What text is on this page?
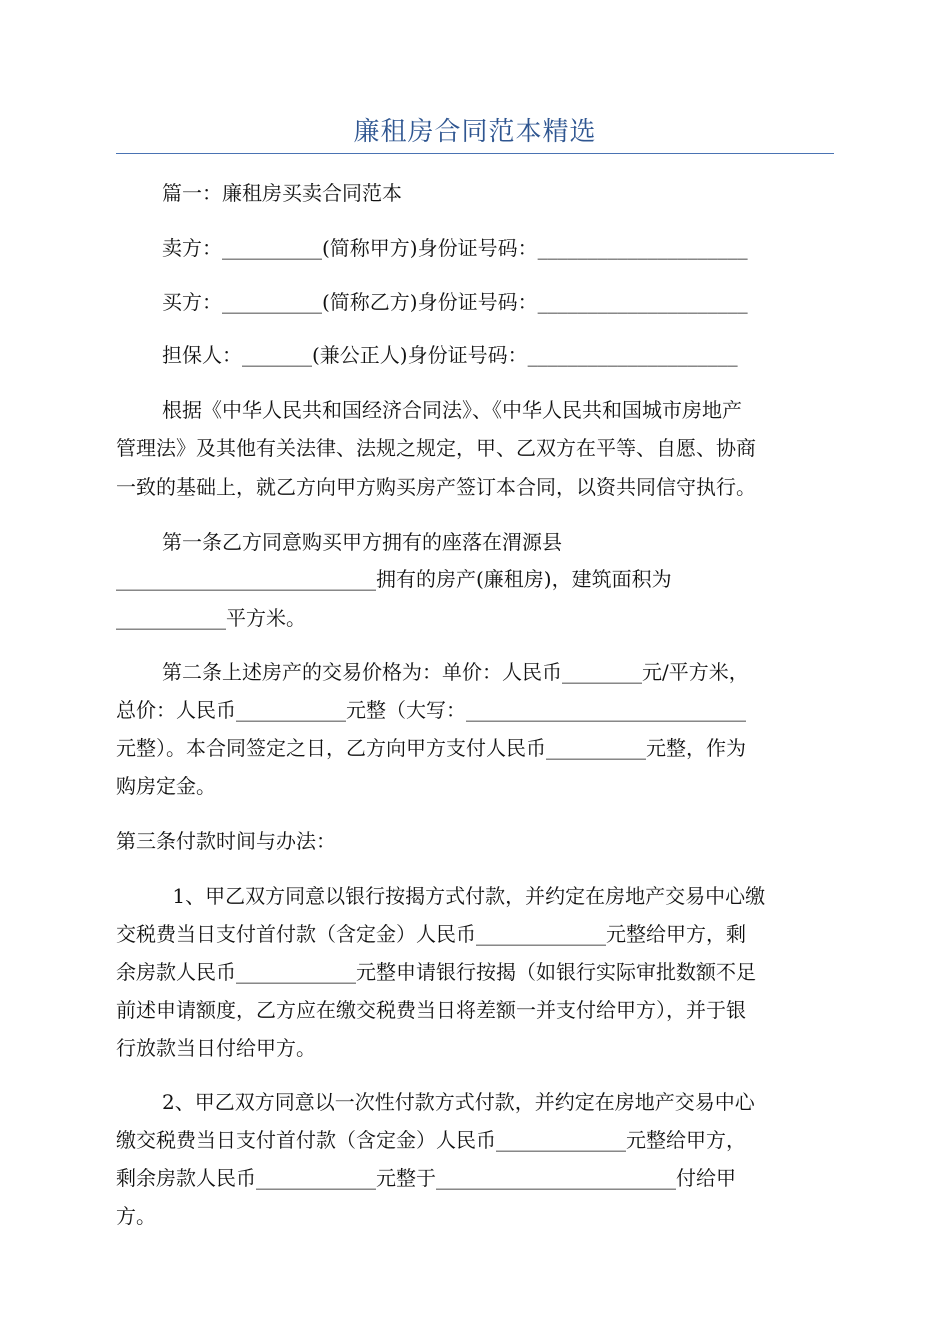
廉租房合同范本精选
篇一：廉租房买卖合同范本
卖方：__________(简称甲方)身份证号码：_____________________
买方：__________(简称乙方)身份证号码：_____________________
担保人：_______(兼公正人)身份证号码：_____________________
根据《中华人民共和国经济合同法》、《中华人民共和国城市房地产
管理法》及其他有关法律、法规之规定，甲、乙双方在平等、自愿、协商
一致的基础上，就乙方向甲方购买房产签订本合同，以资共同信守执行。
第一条乙方同意购买甲方拥有的座落在渭源县
__________________________拥有的房产(廉租房)，建筑面积为
___________平方米。
第二条上述房产的交易价格为：单价：人民币________元/平方米，
总价：人民币___________元整（大写：____________________________
元整）。本合同签定之日，乙方向甲方支付人民币__________元整，作为
购房定金。
第三条付款时间与办法：
1、甲乙双方同意以银行按揭方式付款，并约定在房地产交易中心缴
交税费当日支付首付款（含定金）人民币_____________元整给甲方，剩
余房款人民币____________元整申请银行按揭（如银行实际审批数额不足
前述申请额度，乙方应在缴交税费当日将差额一并支付给甲方），并于银
行放款当日付给甲方。
2、甲乙双方同意以一次性付款方式付款，并约定在房地产交易中心
缴交税费当日支付首付款（含定金）人民币_____________元整给甲方，
剩余房款人民币____________元整于________________________付给甲
方。
